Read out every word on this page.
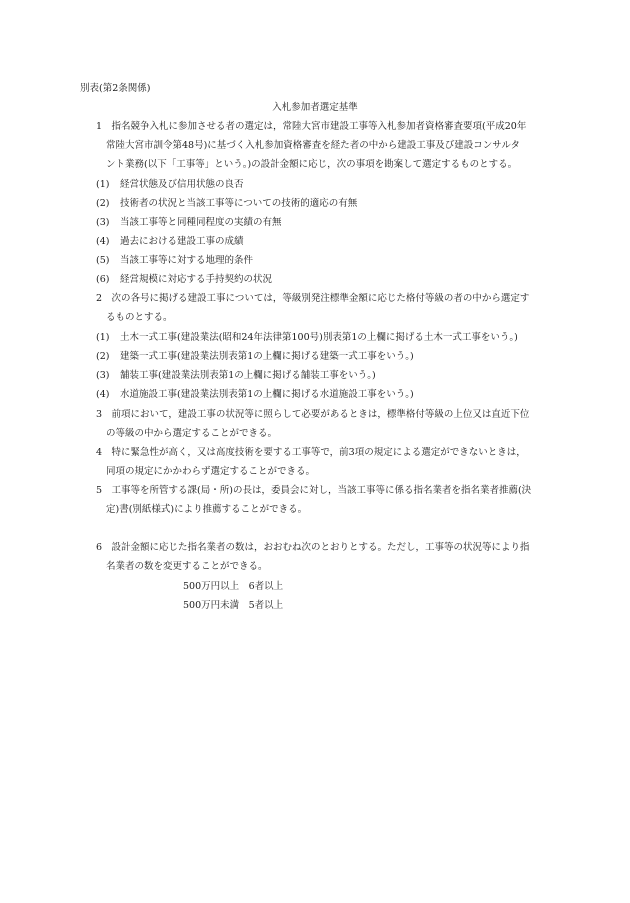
別表(第2条関係)
入札参加者選定基準
1　指名競争入札に参加させる者の選定は，常陸大宮市建設工事等入札参加者資格審査要項(平成20年
常陸大宮市訓令第48号)に基づく入札参加資格審査を経た者の中から建設工事及び建設コンサルタ
ント業務(以下「工事等」という。)の設計金額に応じ，次の事項を勘案して選定するものとする。
(1) 経営状態及び信用状態の良否
(2) 技術者の状況と当該工事等についての技術的適応の有無
(3) 当該工事等と同種同程度の実績の有無
(4) 過去における建設工事の成績
(5) 当該工事等に対する地理的条件
(6) 経営規模に対応する手持契約の状況
2　次の各号に掲げる建設工事については，等級別発注標準金額に応じた格付等級の者の中から選定す
るものとする。
(1) 土木一式工事(建設業法(昭和24年法律第100号)別表第1の上欄に掲げる土木一式工事をいう。)
(2) 建築一式工事(建設業法別表第1の上欄に掲げる建築一式工事をいう。)
(3) 舗装工事(建設業法別表第1の上欄に掲げる舗装工事をいう。)
(4) 水道施設工事(建設業法別表第1の上欄に掲げる水道施設工事をいう。)
3　前項において，建設工事の状況等に照らして必要があるときは，標準格付等級の上位又は直近下位
の等級の中から選定することができる。
4　特に緊急性が高く，又は高度技術を要する工事等で，前3項の規定による選定ができないときは，
同項の規定にかかわらず選定することができる。
5　工事等を所管する課(局・所)の長は，委員会に対し，当該工事等に係る指名業者を指名業者推薦(決
定)書(別紙様式)により推薦することができる。
6　設計金額に応じた指名業者の数は，おおむね次のとおりとする。ただし，工事等の状況等により指
名業者の数を変更することができる。
500万円以上　6者以上
500万円未満　5者以上
